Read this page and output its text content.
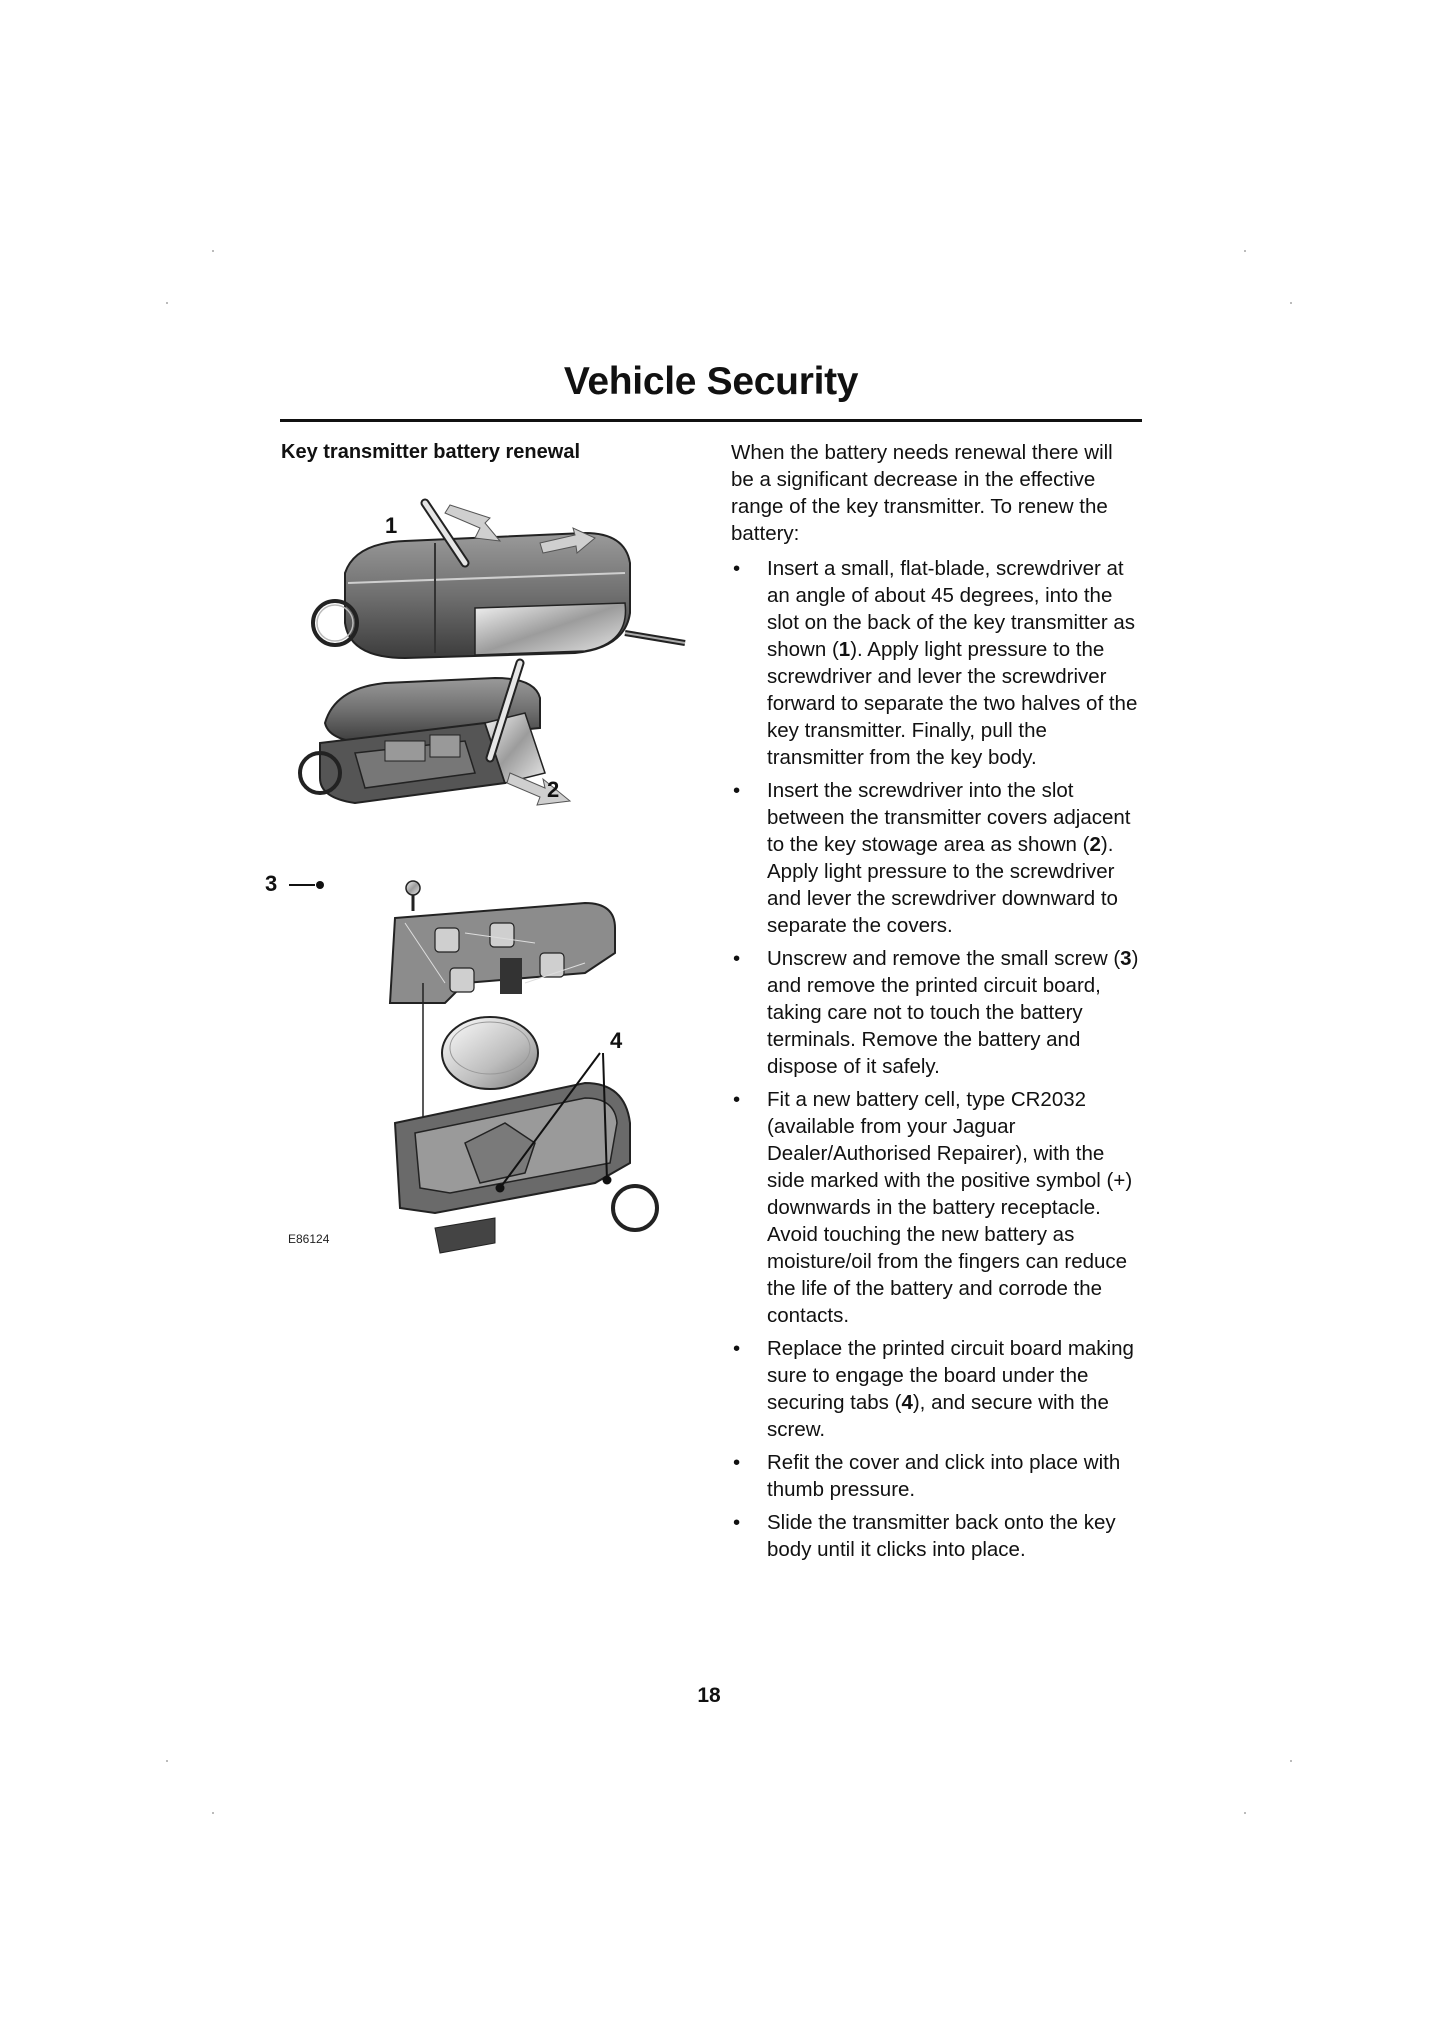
Vehicle Security
Key transmitter battery renewal
1
2
3
4
E86124

When the battery needs renewal there will be a significant decrease in the effective range of the key transmitter. To renew the battery:

• Insert a small, flat-blade, screwdriver at an angle of about 45 degrees, into the slot on the back of the key transmitter as shown (1). Apply light pressure to the screwdriver and lever the screwdriver forward to separate the two halves of the key transmitter. Finally, pull the transmitter from the key body.
• Insert the screwdriver into the slot between the transmitter covers adjacent to the key stowage area as shown (2). Apply light pressure to the screwdriver and lever the screwdriver downward to separate the covers.
• Unscrew and remove the small screw (3) and remove the printed circuit board, taking care not to touch the battery terminals. Remove the battery and dispose of it safely.
• Fit a new battery cell, type CR2032 (available from your Jaguar Dealer/Authorised Repairer), with the side marked with the positive symbol (+) downwards in the battery receptacle. Avoid touching the new battery as moisture/oil from the fingers can reduce the life of the battery and corrode the contacts.
• Replace the printed circuit board making sure to engage the board under the securing tabs (4), and secure with the screw.
• Refit the cover and click into place with thumb pressure.
• Slide the transmitter back onto the key body until it clicks into place.
18
